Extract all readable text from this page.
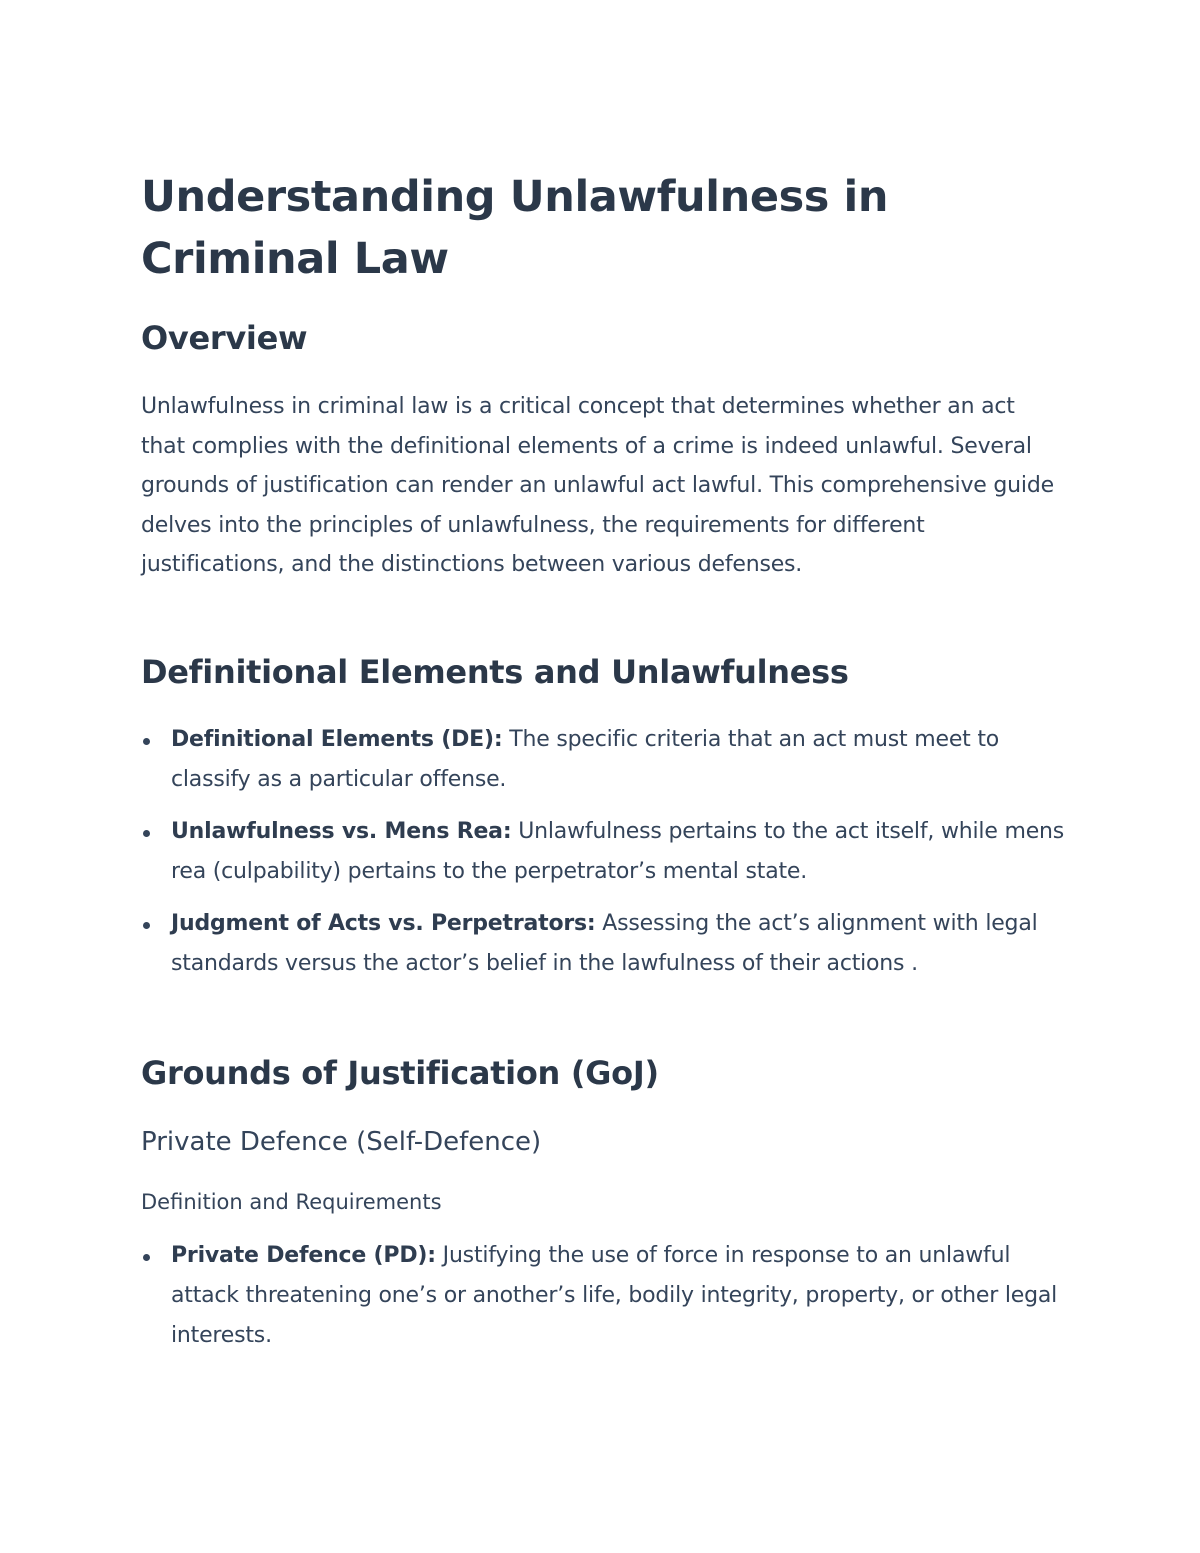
Understanding Unlawfulness in Criminal Law
Overview

Unlawfulness in criminal law is a critical concept that determines whether an act that complies with the definitional elements of a crime is indeed unlawful. Several grounds of justification can render an unlawful act lawful. This comprehensive guide delves into the principles of unlawfulness, the requirements for different justifications, and the distinctions between various defenses.

Definitional Elements and Unlawfulness
Definitional Elements (DE): The specific criteria that an act must meet to classify as a particular offense.
Unlawfulness vs. Mens Rea: Unlawfulness pertains to the act itself, while mens rea (culpability) pertains to the perpetrator’s mental state.
Judgment of Acts vs. Perpetrators: Assessing the act’s alignment with legal standards versus the actor’s belief in the lawfulness of their actions .
Grounds of Justification (GoJ)
Private Defence (Self-Defence)
Definition and Requirements
Private Defence (PD): Justifying the use of force in response to an unlawful attack threatening one’s or another’s life, bodily integrity, property, or other legal interests.
